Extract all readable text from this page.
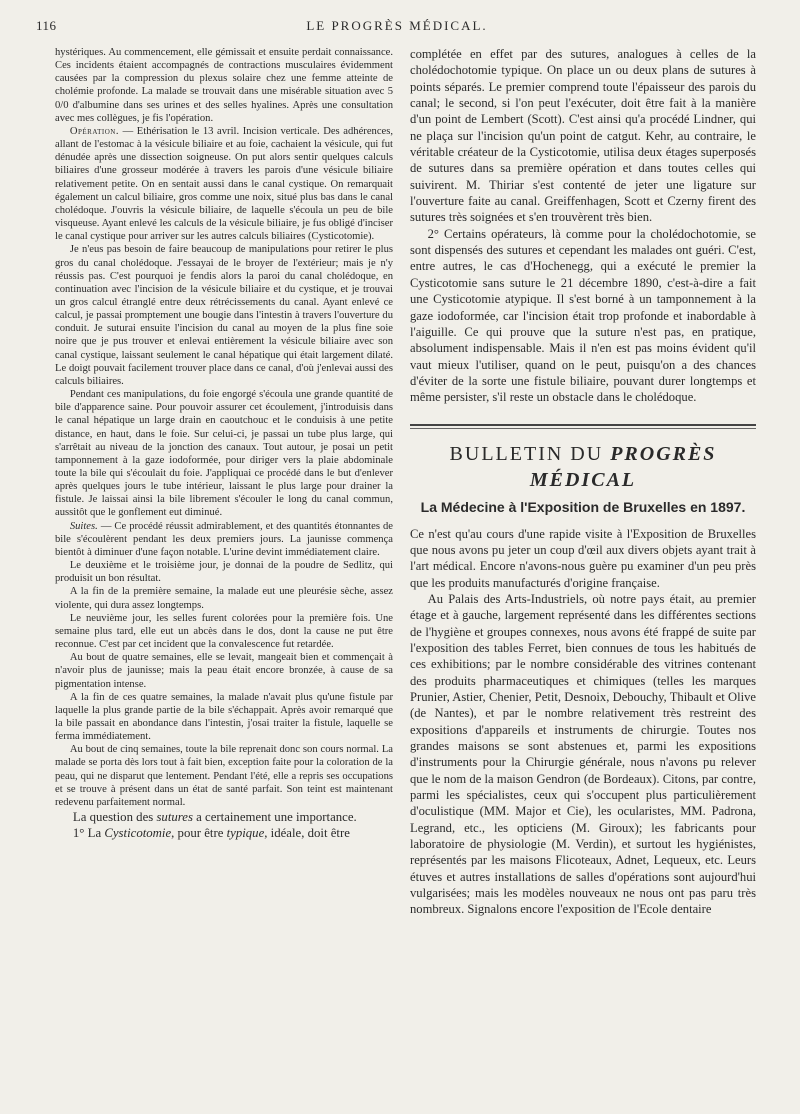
116	LE PROGRÈS MÉDICAL.

hystériques. Au commencement, elle gémissait et ensuite perdait connaissance. Ces incidents étaient accompagnés de contractions musculaires évidemment causées par la compression du plexus solaire chez une femme atteinte de cholémie profonde. La malade se trouvait dans une misérable situation avec 5 0/0 d'albumine dans ses urines et des selles hyalines. Après une consultation avec mes collègues, je fis l'opération.

Opération. — Ethérisation le 13 avril. Incision verticale. Des adhérences, allant de l'estomac à la vésicule biliaire et au foie, cachaient la vésicule, qui fut dénudée après une dissection soigneuse. On put alors sentir quelques calculs biliaires d'une grosseur modérée à travers les parois d'une vésicule biliaire relativement petite. On en sentait aussi dans le canal cystique. On remarquait également un calcul biliaire, gros comme une noix, situé plus bas dans le canal cholédoque. J'ouvris la vésicule biliaire, de laquelle s'écoula un peu de bile visqueuse. Ayant enlevé les calculs de la vésicule biliaire, je fus obligé d'inciser le canal cystique pour arriver sur les autres calculs biliaires (Cysticotomie).

Je n'eus pas besoin de faire beaucoup de manipulations pour retirer le plus gros du canal cholédoque. J'essayai de le broyer de l'extérieur; mais je n'y réussis pas. C'est pourquoi je fendis alors la paroi du canal cholédoque, en continuation avec l'incision de la vésicule biliaire et du cystique, et je trouvai un gros calcul étranglé entre deux rétrécissements du canal. Ayant enlevé ce calcul, je passai promptement une bougie dans l'intestin à travers l'ouverture du conduit. Je suturai ensuite l'incision du canal au moyen de la plus fine soie noire que je pus trouver et enlevai entièrement la vésicule biliaire avec son canal cystique, laissant seulement le canal hépatique qui était largement dilaté. Le doigt pouvait facilement trouver place dans ce canal, d'où j'enlevai aussi des calculs biliaires.

Pendant ces manipulations, du foie engorgé s'écoula une grande quantité de bile d'apparence saine. Pour pouvoir assurer cet écoulement, j'introduisis dans le canal hépatique un large drain en caoutchouc et le conduisis à une petite distance, en haut, dans le foie. Sur celui-ci, je passai un tube plus large, qui s'arrêtait au niveau de la jonction des canaux. Tout autour, je posai un petit tamponnement à la gaze iodoformée, pour diriger vers la plaie abdominale toute la bile qui s'écoulait du foie. J'appliquai ce procédé dans le but d'enlever après quelques jours le tube intérieur, laissant le plus large pour drainer la fistule. Je laissai ainsi la bile librement s'écouler le long du canal commun, aussitôt que le gonflement eut diminué.

Suites. — Ce procédé réussit admirablement, et des quantités étonnantes de bile s'écoulèrent pendant les deux premiers jours. La jaunisse commença bientôt à diminuer d'une façon notable. L'urine devint immédiatement claire.

Le deuxième et le troisième jour, je donnai de la poudre de Sedlitz, qui produisit un bon résultat.

A la fin de la première semaine, la malade eut une pleurésie sèche, assez violente, qui dura assez longtemps.

Le neuvième jour, les selles furent colorées pour la première fois. Une semaine plus tard, elle eut un abcès dans le dos, dont la cause ne put être reconnue. C'est par cet incident que la convalescence fut retardée.

Au bout de quatre semaines, elle se levait, mangeait bien et commençait à n'avoir plus de jaunisse; mais la peau était encore bronzée, à cause de sa pigmentation intense.

A la fin de ces quatre semaines, la malade n'avait plus qu'une fistule par laquelle la plus grande partie de la bile s'échappait. Après avoir remarqué que la bile passait en abondance dans l'intestin, j'osai traiter la fistule, laquelle se ferma immédiatement.

Au bout de cinq semaines, toute la bile reprenait donc son cours normal. La malade se porta dès lors tout à fait bien, exception faite pour la coloration de la peau, qui ne disparut que lentement. Pendant l'été, elle a repris ses occupations et se trouve à présent dans un état de santé parfait. Son teint est maintenant redevenu parfaitement normal.

La question des sutures a certainement une importance.

1° La Cysticotomie, pour être typique, idéale, doit être

complétée en effet par des sutures, analogues à celles de la cholédochotomie typique. On place un ou deux plans de sutures à points séparés. Le premier comprend toute l'épaisseur des parois du canal; le second, si l'on peut l'exécuter, doit être fait à la manière d'un point de Lembert (Scott). C'est ainsi qu'a procédé Lindner, qui ne plaça sur l'incision qu'un point de catgut. Kehr, au contraire, le véritable créateur de la Cysticotomie, utilisa deux étages superposés de sutures dans sa première opération et dans toutes celles qui suivirent. M. Thiriar s'est contenté de jeter une ligature sur l'ouverture faite au canal. Greiffenhagen, Scott et Czerny firent des sutures très soignées et s'en trouvèrent très bien.

2° Certains opérateurs, là comme pour la cholédochotomie, se sont dispensés des sutures et cependant les malades ont guéri. C'est, entre autres, le cas d'Hochenegg, qui a exécuté le premier la Cysticotomie sans suture le 21 décembre 1890, c'est-à-dire a fait une Cysticotomie atypique. Il s'est borné à un tamponnement à la gaze iodoformée, car l'incision était trop profonde et inabordable à l'aiguille. Ce qui prouve que la suture n'est pas, en pratique, absolument indispensable. Mais il n'en est pas moins évident qu'il vaut mieux l'utiliser, quand on le peut, puisqu'on a des chances d'éviter de la sorte une fistule biliaire, pouvant durer longtemps et même persister, s'il reste un obstacle dans le cholédoque.

BULLETIN DU PROGRÈS MÉDICAL
La Médecine à l'Exposition de Bruxelles en 1897.

Ce n'est qu'au cours d'une rapide visite à l'Exposition de Bruxelles que nous avons pu jeter un coup d'œil aux divers objets ayant trait à l'art médical. Encore n'avons-nous guère pu examiner d'un peu près que les produits manufacturés d'origine française.

Au Palais des Arts-Industriels, où notre pays était, au premier étage et à gauche, largement représenté dans les différentes sections de l'hygiène et groupes connexes, nous avons été frappé de suite par l'exposition des tables Ferret, bien connues de tous les habitués de ces exhibitions; par le nombre considérable des vitrines contenant des produits pharmaceutiques et chimiques (telles les marques Prunier, Astier, Chenier, Petit, Desnoix, Debouchy, Thibault et Olive (de Nantes), et par le nombre relativement très restreint des expositions d'appareils et instruments de chirurgie. Toutes nos grandes maisons se sont abstenues et, parmi les expositions d'instruments pour la Chirurgie générale, nous n'avons pu relever que le nom de la maison Gendron (de Bordeaux). Citons, par contre, parmi les spécialistes, ceux qui s'occupent plus particulièrement d'oculistique (MM. Major et Cie), les ocularistes, MM. Padrona, Legrand, etc., les opticiens (M. Giroux); les fabricants pour laboratoire de physiologie (M. Verdin), et surtout les hygiénistes, représentés par les maisons Flicoteaux, Adnet, Lequeux, etc. Leurs étuves et autres installations de salles d'opérations sont aujourd'hui vulgarisées; mais les modèles nouveaux ne nous ont pas paru très nombreux. Signalons encore l'exposition de l'Ecole dentaire
